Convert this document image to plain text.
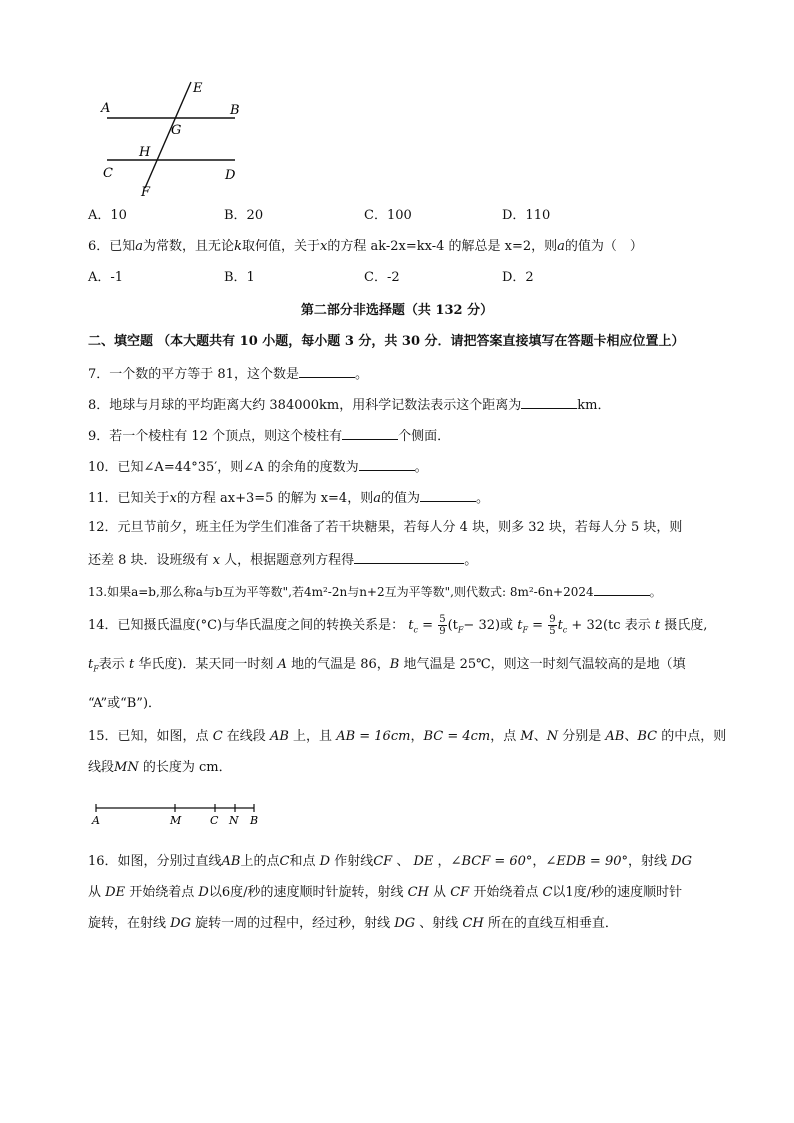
E
A	B
G
H
C	D
F
A．10	B．20	C．100	D．110
6．已知a为常数，且无论k取何值，关于x的方程 ak-2x=kx-4 的解总是 x=2，则a的值为（　）
A．-1	B．1	C．-2	D．2
第二部分非选择题（共 132 分）
二、填空题 （本大题共有 10 小题，每小题 3 分，共 30 分．请把答案直接填写在答题卡相应位置上）
7．一个数的平方等于 81，这个数是	。
8．地球与月球的平均距离大约 384000km，用科学记数法表示这个距离为	km．
9．若一个棱柱有 12 个顶点，则这个棱柱有	个侧面．
10．已知∠A=44°35′，则∠A 的余角的度数为	。
11．已知关于x的方程 ax+3=5 的解为 x=4，则a的值为	。
12．元旦节前夕，班主任为学生们准备了若干块糖果，若每人分 4 块，则多 32 块，若每人分 5 块，则
还差 8 块．设班级有 x 人，根据题意列方程得	。
13.如果a=b,那么称a与b互为平等数",若4m²-2n与n+2互为平等数",则代数式: 8m²-6n+2024	。
14．已知摄氏温度(°C)与华氏温度之间的转换关系是： $t_c = \frac{5}{9} (t_F- 32)$或 $t_F = \frac{9}{5} t_c + 32(tc$ 表示 t 摄氏度,
$t_F$表示 t 华氏度)．某天同一时刻 A 地的气温是 86，B 地气温是 25℃，则这一时刻气温较高的是地（填
“A”或“B”)．
15．已知，如图，点 C 在线段 AB 上，且 AB = 16cm，BC = 4cm，点 M、N 分别是 AB、BC 的中点，则
线段MN 的长度为 cm．
A	M	C N B
16．如图，分别过直线AB上的点C和点 D 作射线CF 、 DE ，∠BCF = 60°，∠EDB = 90°，射线 DG
从 DE 开始绕着点 D以6度/秒的速度顺时针旋转，射线 CH 从 CF 开始绕着点 C以1度/秒的速度顺时针
旋转，在射线 DG 旋转一周的过程中，经过秒，射线 DG 、射线 CH 所在的直线互相垂直．
